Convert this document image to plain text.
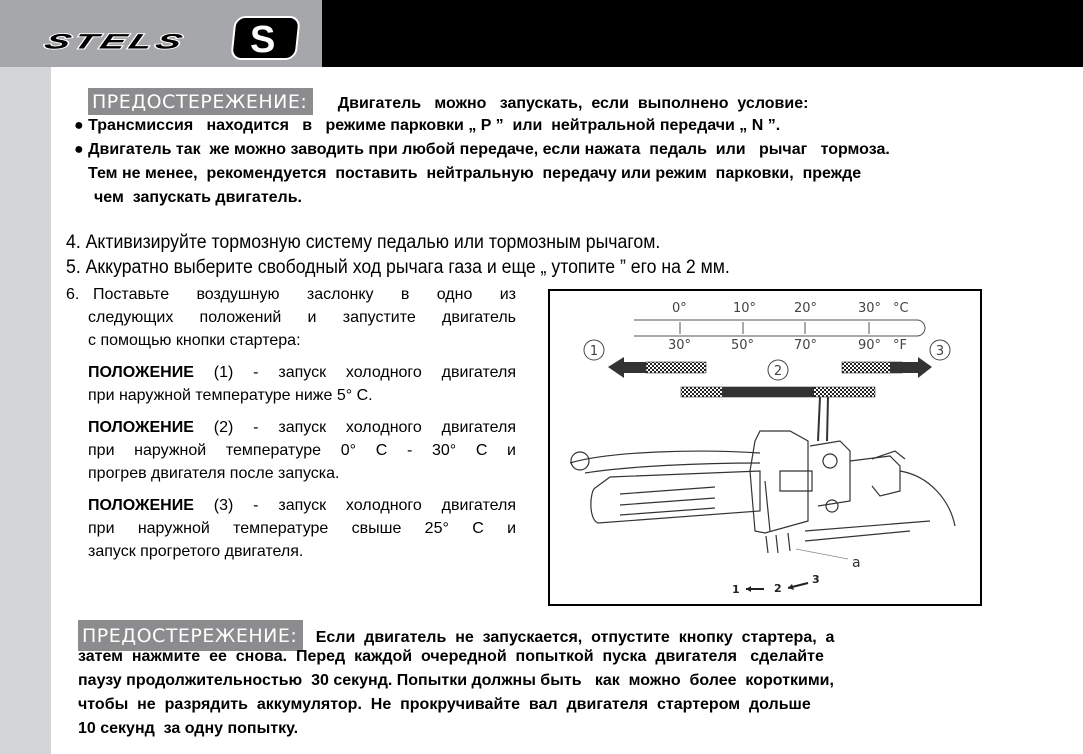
STELS S
ПРЕДОСТЕРЕЖЕНИЕ: Двигатель   можно   запускать,  если  выполнено  условие:
● Трансмиссия   находится   в   режиме парковки „ P ”  или  нейтральной передачи „ N ”.
● Двигатель так  же можно заводить при любой передаче, если нажата  педаль  или   рычаг   тормоза.
Тем не менее,  рекомендуется  поставить  нейтральную  передачу или режим  парковки,  прежде
чем  запускать двигатель.
4. Активизируйте тормозную систему педалью или тормозным рычагом.
5. Аккуратно выберите свободный ход рычага газа и еще „ утопите ” его на 2 мм.
6. Поставьте  воздушную  заслонку  в  одно  из
следующих положений и запустите двигатель
с помощью кнопки стартера:
ПОЛОЖЕНИЕ (1) - запуск холодного двигателя
при наружной температуре ниже 5° С.
ПОЛОЖЕНИЕ (2) - запуск холодного двигателя
при наружной температуре 0° С - 30° С и
прогрев двигателя после запуска.
ПОЛОЖЕНИЕ (3) - запуск холодного двигателя
при наружной температуре свыше 25° С и
запуск прогретого двигателя.
0°	10°	20°	30° °C
30°	50°	70°	90° °F
1
2
3
a
1	2
3
ПРЕДОСТЕРЕЖЕНИЕ: Если  двигатель  не  запускается,  отпустите  кнопку  стартера,  а
затем  нажмите  ее  снова.  Перед  каждой  очередной  попыткой  пуска  двигателя   сделайте
паузу продолжительностью  30 секунд. Попытки должны быть   как  можно  более  короткими,
чтобы  не  разрядить  аккумулятор.  Не  прокручивайте  вал  двигателя  стартером  дольше
10 секунд  за одну попытку.
